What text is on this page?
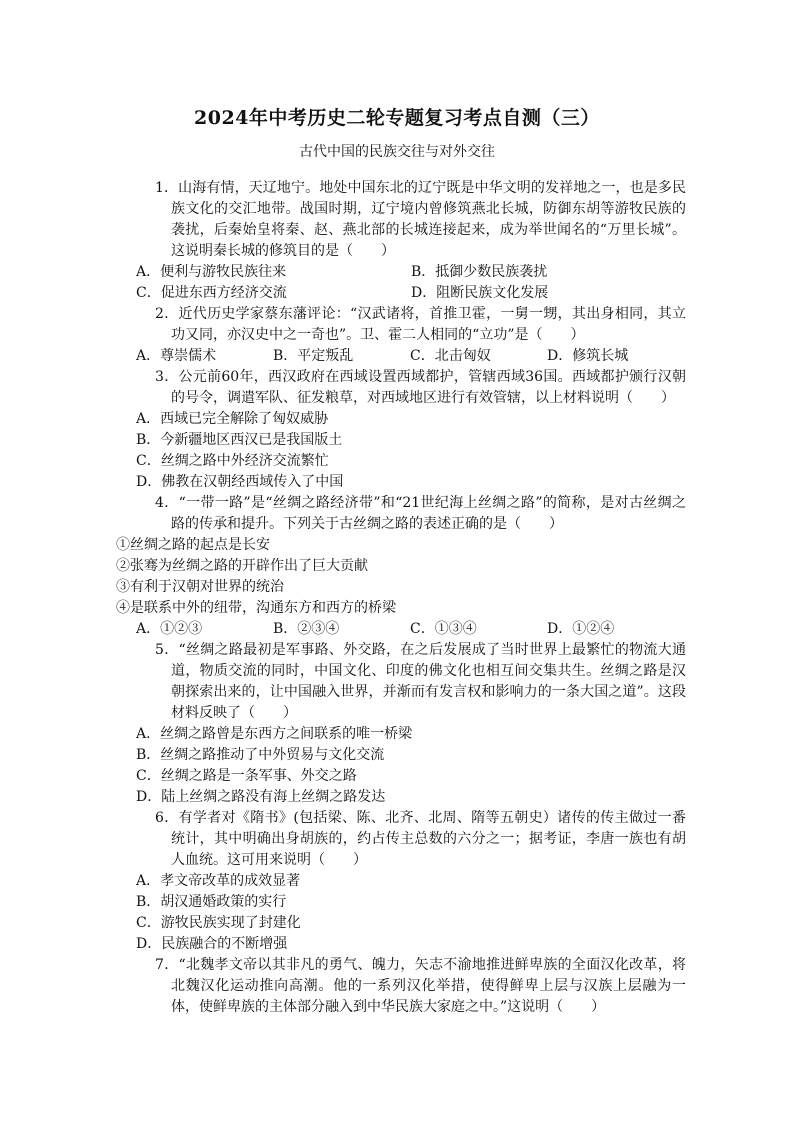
2024年中考历史二轮专题复习考点自测（三）
古代中国的民族交往与对外交往
1．山海有情，天辽地宁。地处中国东北的辽宁既是中华文明的发祥地之一，也是多民族文化的交汇地带。战国时期，辽宁境内曾修筑燕北长城，防御东胡等游牧民族的袭扰，后秦始皇将秦、赵、燕北部的长城连接起来，成为举世闻名的“万里长城”。这说明秦长城的修筑目的是（　　）
A．便利与游牧民族往来	B．抵御少数民族袭扰
C．促进东西方经济交流	D．阻断民族文化发展
2．近代历史学家蔡东藩评论：“汉武诸将，首推卫霍，一舅一甥，其出身相同，其立功又同，亦汉史中之一奇也”。卫、霍二人相同的“立功”是（　　）
A．尊崇儒术	B．平定叛乱	C．北击匈奴	D．修筑长城
3．公元前60年，西汉政府在西域设置西域都护，管辖西域36国。西域都护颁行汉朝的号令，调遣军队、征发粮草，对西域地区进行有效管辖，以上材料说明（　　）
A．西域已完全解除了匈奴威胁
B．今新疆地区西汉已是我国版土
C．丝绸之路中外经济交流繁忙
D．佛教在汉朝经西域传入了中国
4．“一带一路”是“丝绸之路经济带”和“21世纪海上丝绸之路”的简称，是对古丝绸之路的传承和提升。下列关于古丝绸之路的表述正确的是（　　）
①丝绸之路的起点是长安
②张骞为丝绸之路的开辟作出了巨大贡献
③有利于汉朝对世界的统治
④是联系中外的纽带，沟通东方和西方的桥梁
A．①②③	B．②③④	C．①③④	D．①②④
5．“丝绸之路最初是军事路、外交路，在之后发展成了当时世界上最繁忙的物流大通道，物质交流的同时，中国文化、印度的佛文化也相互间交集共生。丝绸之路是汉朝探索出来的，让中国融入世界，并渐而有发言权和影响力的一条大国之道”。这段材料反映了（　　）
A．丝绸之路曾是东西方之间联系的唯一桥梁
B．丝绸之路推动了中外贸易与文化交流
C．丝绸之路是一条军事、外交之路
D．陆上丝绸之路没有海上丝绸之路发达
6．有学者对《隋书》(包括梁、陈、北齐、北周、隋等五朝史）诸传的传主做过一番统计，其中明确出身胡族的，约占传主总数的六分之一；据考证，李唐一族也有胡人血统。这可用来说明（　　）
A．孝文帝改革的成效显著
B．胡汉通婚政策的实行
C．游牧民族实现了封建化
D．民族融合的不断增强
7．“北魏孝文帝以其非凡的勇气、魄力，矢志不渝地推进鲜卑族的全面汉化改革，将北魏汉化运动推向高潮。他的一系列汉化举措，使得鲜卑上层与汉族上层融为一体，使鲜卑族的主体部分融入到中华民族大家庭之中。”这说明（　　）
